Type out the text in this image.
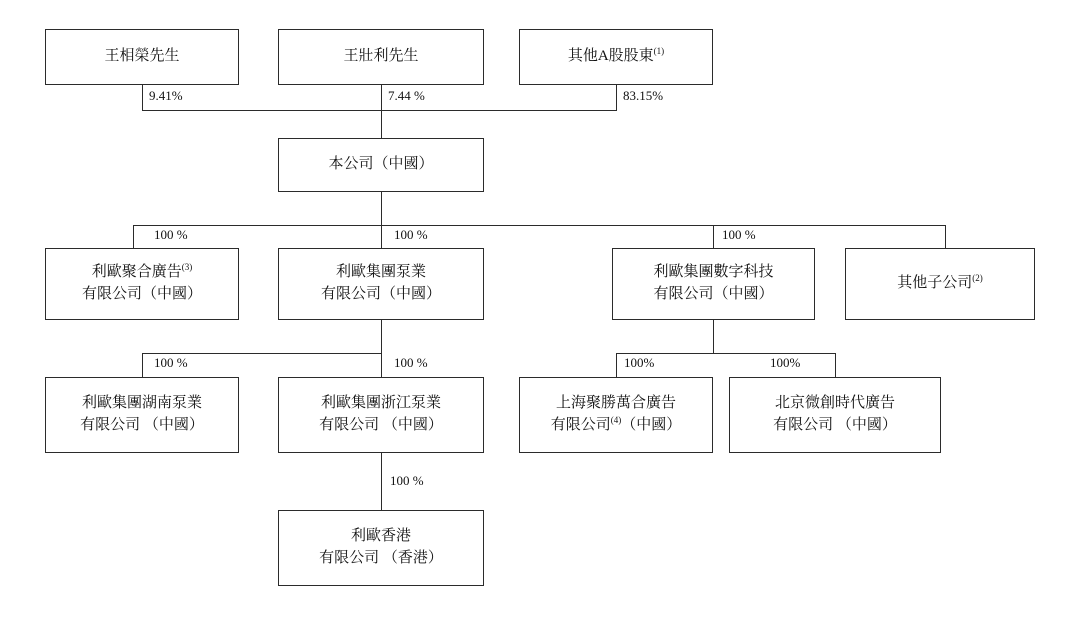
王相榮先生	王壯利先生	其他A股股東$^{(1)}$
本公司（中國）
利歐聚合廣告$^{(3)}$
有限公司（中國）
利歐集團泵業
有限公司（中國）
利歐集團數字科技
有限公司（中國）
其他子公司$^{(2)}$
利歐集團湖南泵業
有限公司 （中國）
利歐集團浙江泵業
有限公司 （中國）
上海聚勝萬合廣告
有限公司$^{(4)}$（中國）
北京微創時代廣告
有限公司 （中國）
利歐香港
有限公司 （香港）
9.41%	7.44 %	83.15%
100 %	100 %	100 %
100 %	100 %	100%	100%
100 %
